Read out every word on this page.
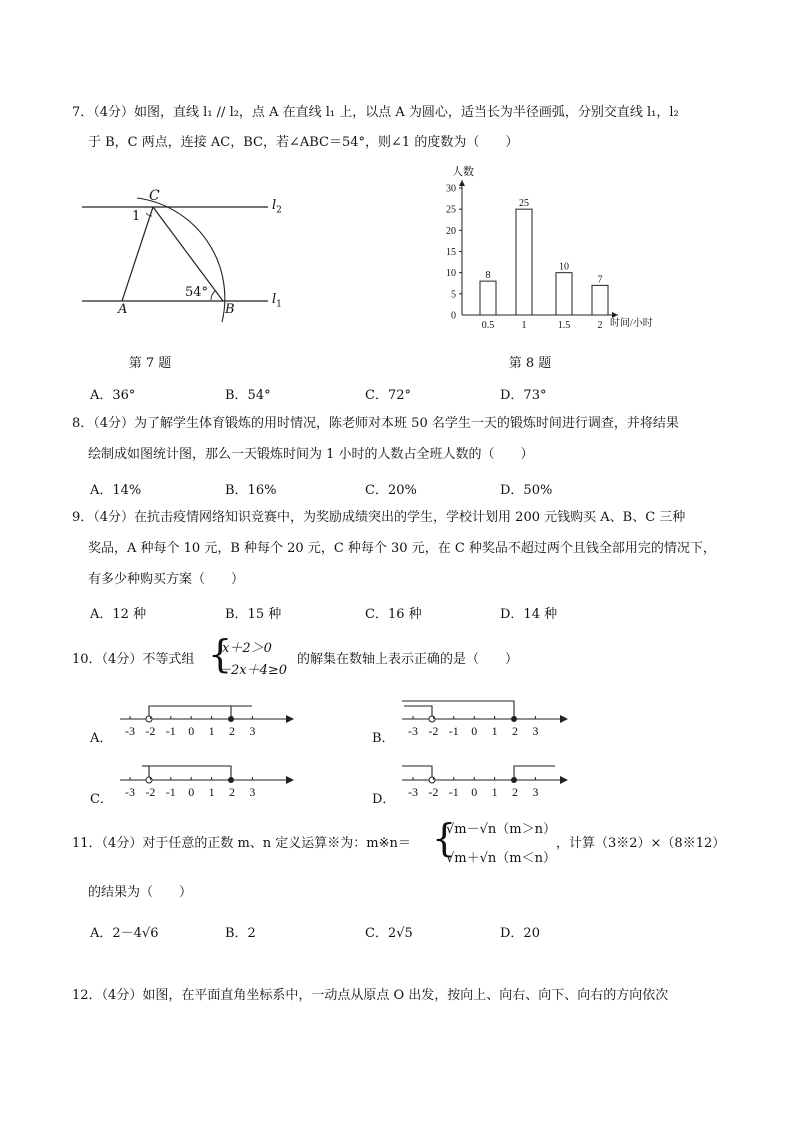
7．（4分）如图，直线 l₁ // l₂，点 A 在直线 l₁ 上，以点 A 为圆心，适当长为半径画弧，分别交直线 l₁，l₂
于 B，C 两点，连接 AC，BC，若∠ABC＝54°，则∠1 的度数为（　　）
C
1
A	B
54°
$l_2$
$l_1$
第 7 题
人数
时间/小时
0
5
10
15
20
25
30
8
0.5
25
1
10
1.5
7
2
第 8 题
A．36°	B．54°	C．72°	D．73°
8．（4分）为了解学生体育锻炼的用时情况，陈老师对本班 50 名学生一天的锻炼时间进行调查，并将结果
绘制成如图统计图，那么一天锻炼时间为 1 小时的人数占全班人数的（　　）
A．14%	B．16%	C．20%	D．50%
9．（4分）在抗击疫情网络知识竞赛中，为奖励成绩突出的学生，学校计划用 200 元钱购买 A、B、C 三种
奖品，A 种每个 10 元，B 种每个 20 元，C 种每个 30 元，在 C 种奖品不超过两个且钱全部用完的情况下，
有多少种购买方案（　　）
A．12 种	B．15 种	C．16 种	D．14 种
10．（4分）不等式组 {
x＋2＞0
－2x＋4≥0
的解集在数轴上表示正确的是（　　）
A．	B．
C．	D．
-3 -2 -1 0 1 2 3	-3 -2 -1 0 1 2 3
-3 -2 -1 0 1 2 3	-3 -2 -1 0 1 2 3
11．（4分）对于任意的正数 m、n 定义运算※为：m※n＝ {
√m－√n（m＞n）
√m＋√n（m＜n）
，计算（3※2）×（8※12）
的结果为（　　）
A．2－4√6	B．2	C．2√5	D．20
12．（4分）如图，在平面直角坐标系中，一动点从原点 O 出发，按向上、向右、向下、向右的方向依次
